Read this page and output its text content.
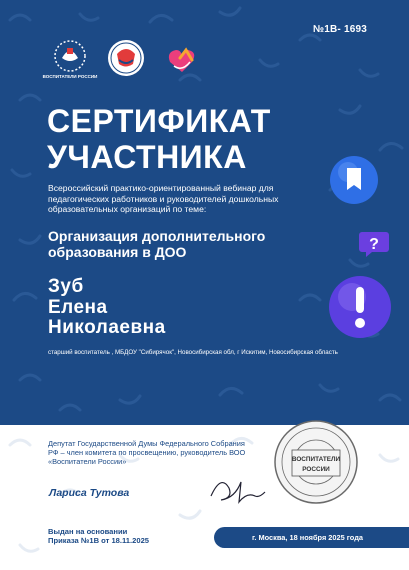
№1В- 1693
ВОСПИТАТЕЛИ РОССИИ
СЕРТИФИКАТ
УЧАСТНИКА
Всероссийский практико-ориентированный вебинар для педагогических работников и руководителей дошкольных образовательных организаций по теме:
Организация дополнительного образования в ДОО
Зуб
Елена
Николаевна
старший воспитатель , МБДОУ "Сибирячок", Новосибирская обл, г Искитим, Новосибирская область
?
Депутат Государственной Думы Федерального Собрания РФ – член комитета по просвещению, руководитель ВОО «Воспитатели России»
Лариса Тутова
ВОСПИТАТЕЛИ
РОССИИ
Выдан на основании
Приказа №1В от 18.11.2025	г. Москва, 18 ноября 2025 года
